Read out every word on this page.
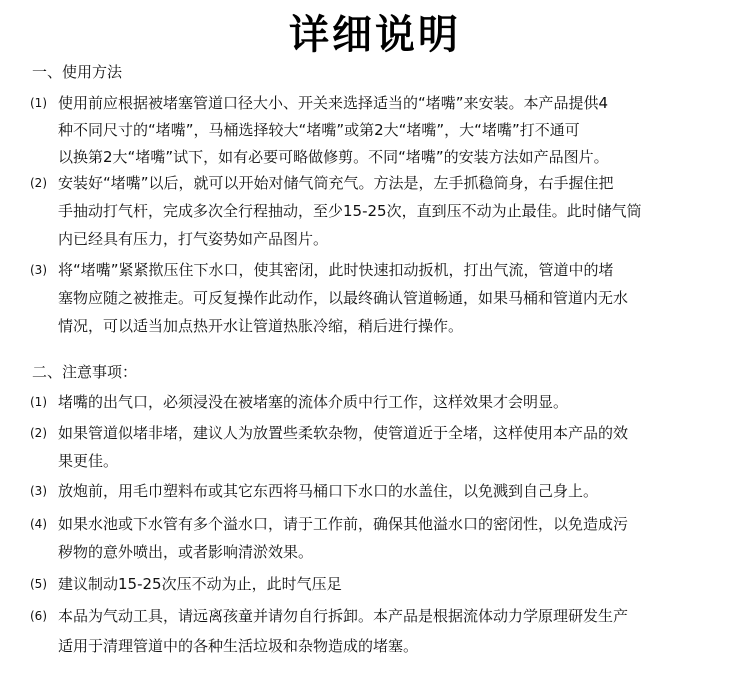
详细说明
一、使用方法
(1) 使用前应根据被堵塞管道口径大小、开关来选择适当的“堵嘴”来安装。本产品提供4
种不同尺寸的“堵嘴”，马桶选择较大“堵嘴”或第2大“堵嘴”，大“堵嘴”打不通可
以换第2大“堵嘴”试下，如有必要可略做修剪。不同“堵嘴”的安装方法如产品图片。
(2) 安装好“堵嘴”以后，就可以开始对储气筒充气。方法是，左手抓稳筒身，右手握住把
手抽动打气杆，完成多次全行程抽动，至少15-25次，直到压不动为止最佳。此时储气筒
内已经具有压力，打气姿势如产品图片。
(3) 将“堵嘴”紧紧揿压住下水口，使其密闭，此时快速扣动扳机，打出气流，管道中的堵
塞物应随之被推走。可反复操作此动作，以最终确认管道畅通，如果马桶和管道内无水
情况，可以适当加点热开水让管道热胀冷缩，稍后进行操作。
二、注意事项：
(1) 堵嘴的出气口，必须浸没在被堵塞的流体介质中行工作，这样效果才会明显。
(2) 如果管道似堵非堵，建议人为放置些柔软杂物，使管道近于全堵，这样使用本产品的效
果更佳。
(3) 放炮前，用毛巾塑料布或其它东西将马桶口下水口的水盖住，以免溅到自己身上。
(4) 如果水池或下水管有多个溢水口，请于工作前，确保其他溢水口的密闭性，以免造成污
秽物的意外喷出，或者影响清淤效果。
(5) 建议制动15-25次压不动为止，此时气压足
(6) 本品为气动工具，请远离孩童并请勿自行拆卸。本产品是根据流体动力学原理研发生产
适用于清理管道中的各种生活垃圾和杂物造成的堵塞。
